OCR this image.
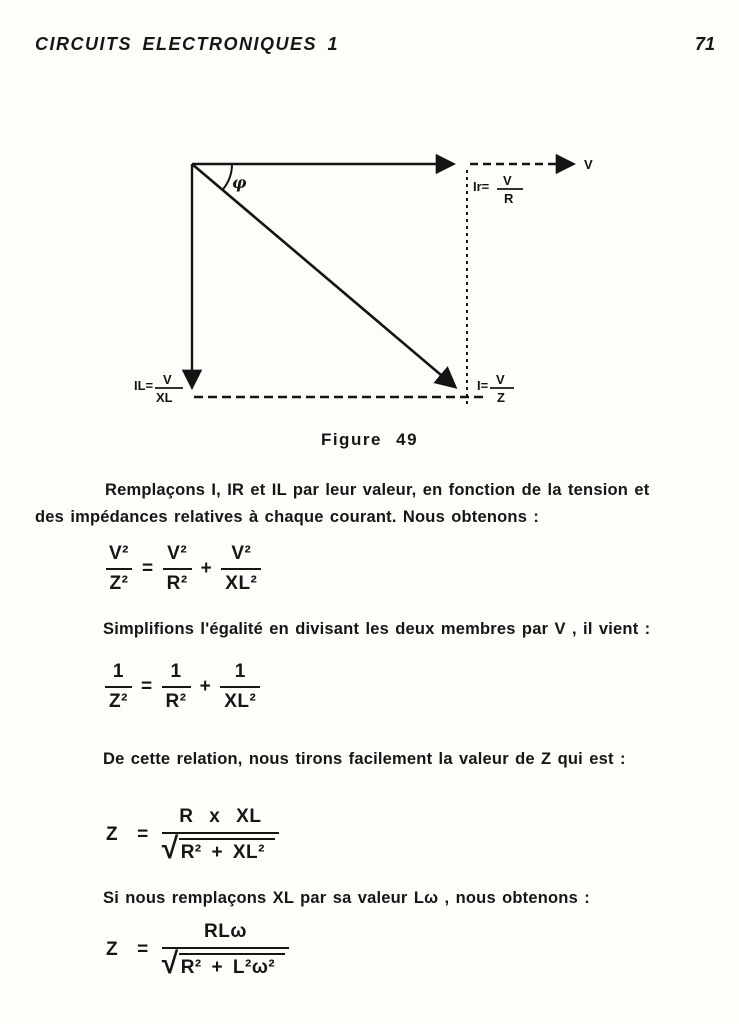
CIRCUITS ELECTRONIQUES 1	71
V
φ	Ir= V
R
IL= V
XL
I= V
Z
Figure 49

Remplaçons I, IR et IL par leur valeur, en fonction de la tension et
des impédances relatives à chaque courant. Nous obtenons :

$\frac{\text{V²}}{\text{Z²}} = \frac{\text{V²}}{\text{R²}} + \frac{\text{V²}}{\text{XL²}}$

Simplifions l'égalité en divisant les deux membres par V , il vient :

$\frac{1}{\text{Z²}} = \frac{1}{\text{R²}} + \frac{1}{\text{XL²}}$

De cette relation, nous tirons facilement la valeur de Z qui est :

$Z = \frac{\text{R x XL}}{\text{√ R² + XL²}}$

Si nous remplaçons XL par sa valeur Lω , nous obtenons :

Z =
RLω
√ R² + L²ω²
